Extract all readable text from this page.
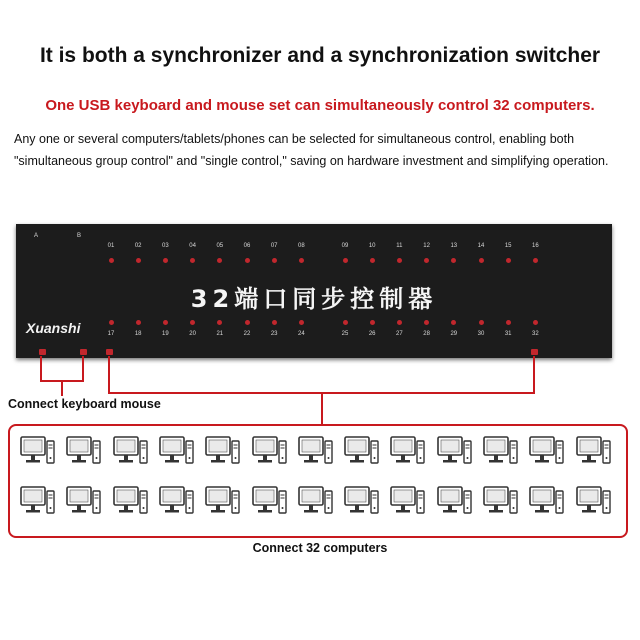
It is both a synchronizer and a synchronization switcher
One USB keyboard and mouse set can simultaneously control 32 computers.
Any one or several computers/tablets/phones can be selected for simultaneous control, enabling both "simultaneous group control" and "single control," saving on hardware investment and simplifying operation.
A	B
32端口同步控制器
Xuanshi
01	02	03	04	05	06	07	08	09	10	11	12	13	14	15	16
17	18	19	20	21	22	23	24	25	26	27	28	29	30	31	32
Connect keyboard mouse
Connect 32 computers
